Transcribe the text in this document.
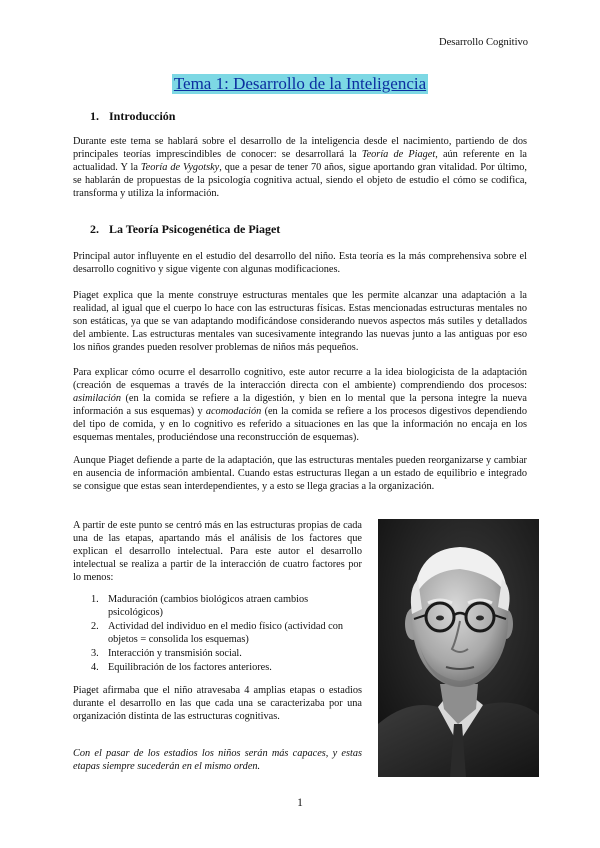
Desarrollo Cognitivo
Tema 1: Desarrollo de la Inteligencia
1. Introducción

Durante este tema se hablará sobre el desarrollo de la inteligencia desde el nacimiento, partiendo de dos principales teorías imprescindibles de conocer: se desarrollará la Teoría de Piaget, aún referente en la actualidad. Y la Teoría de Vygotsky, que a pesar de tener 70 años, sigue aportando gran vitalidad. Por último, se hablarán de propuestas de la psicología cognitiva actual, siendo el objeto de estudio el cómo se codifica, transforma y utiliza la información.

2. La Teoría Psicogenética de Piaget

Principal autor influyente en el estudio del desarrollo del niño. Esta teoría es la más comprehensiva sobre el desarrollo cognitivo y sigue vigente con algunas modificaciones.

Piaget explica que la mente construye estructuras mentales que les permite alcanzar una adaptación a la realidad, al igual que el cuerpo lo hace con las estructuras físicas. Estas mencionadas estructuras mentales no son estáticas, ya que se van adaptando modificándose considerando nuevos aspectos más sutiles y detallados del ambiente. Las estructuras mentales van sucesivamente integrando las nuevas junto a las antiguas por eso los niños grandes pueden resolver problemas de niños más pequeños.

Para explicar cómo ocurre el desarrollo cognitivo, este autor recurre a la idea biologicista de la adaptación (creación de esquemas a través de la interacción directa con el ambiente) comprendiendo dos procesos: asimilación (en la comida se refiere a la digestión, y bien en lo mental que la persona integre la nueva información a sus esquemas) y acomodación (en la comida se refiere a los procesos digestivos dependiendo del tipo de comida, y en lo cognitivo es referido a situaciones en las que la información no encaja en los esquemas mentales, produciéndose una reconstrucción de esquemas).

Aunque Piaget defiende a parte de la adaptación, que las estructuras mentales pueden reorganizarse y cambiar en ausencia de información ambiental. Cuando estas estructuras llegan a un estado de equilibrio e integrado se consigue que estas sean interdependientes, y a esto se llega gracias a la organización.

A partir de este punto se centró más en las estructuras propias de cada una de las etapas, apartando más el análisis de los factores que explican el desarrollo intelectual. Para este autor el desarrollo intelectual se realiza a partir de la interacción de cuatro factores por lo menos:

1. Maduración (cambios biológicos atraen cambios psicológicos)
2. Actividad del individuo en el medio físico (actividad con objetos = consolida los esquemas)
3. Interacción y transmisión social.
4. Equilibración de los factores anteriores.

Piaget afirmaba que el niño atravesaba 4 amplias etapas o estadios durante el desarrollo en las que cada una se caracterizaba por una organización distinta de las estructuras cognitivas.

Con el pasar de los estadios los niños serán más capaces, y estas etapas siempre sucederán en el mismo orden.

1
